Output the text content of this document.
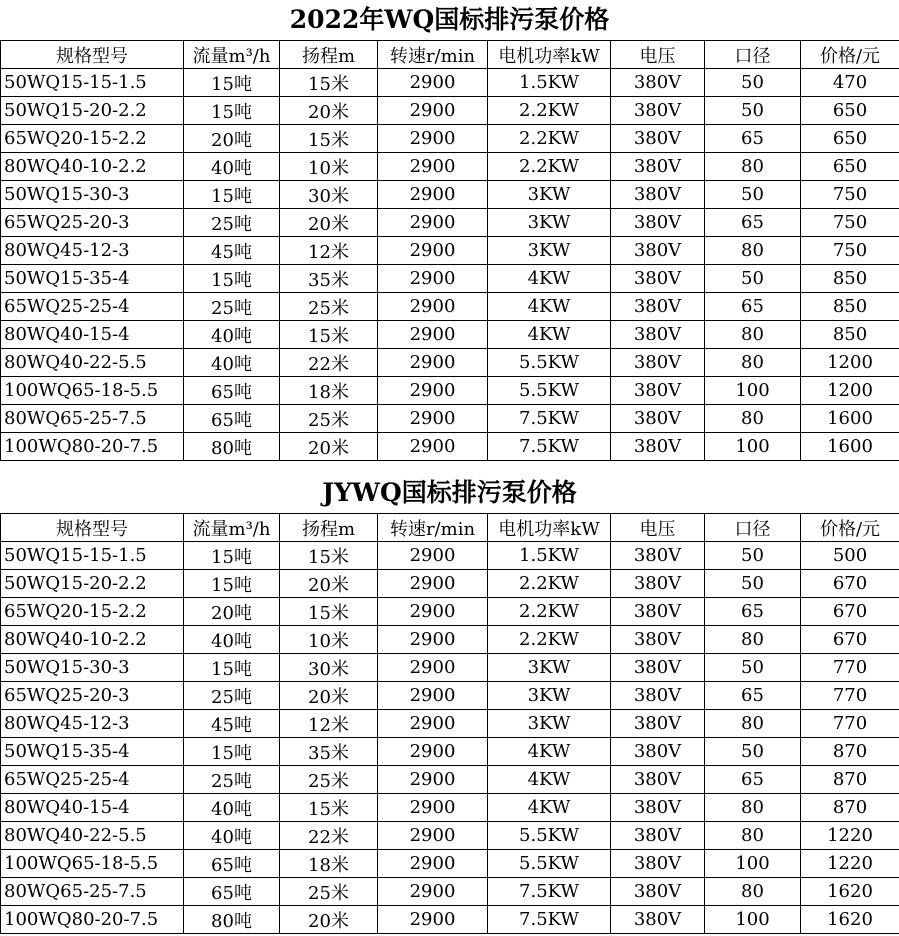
2022年WQ国标排污泵价格
规格型号	流量m³/h	扬程m	转速r/min	电机功率kW	电压	口径	价格/元
50WQ15-15-1.5	15吨	15米	2900	1.5KW	380V	50	470
50WQ15-20-2.2	15吨	20米	2900	2.2KW	380V	50	650
65WQ20-15-2.2	20吨	15米	2900	2.2KW	380V	65	650
80WQ40-10-2.2	40吨	10米	2900	2.2KW	380V	80	650
50WQ15-30-3	15吨	30米	2900	3KW	380V	50	750
65WQ25-20-3	25吨	20米	2900	3KW	380V	65	750
80WQ45-12-3	45吨	12米	2900	3KW	380V	80	750
50WQ15-35-4	15吨	35米	2900	4KW	380V	50	850
65WQ25-25-4	25吨	25米	2900	4KW	380V	65	850
80WQ40-15-4	40吨	15米	2900	4KW	380V	80	850
80WQ40-22-5.5	40吨	22米	2900	5.5KW	380V	80	1200
100WQ65-18-5.5	65吨	18米	2900	5.5KW	380V	100	1200
80WQ65-25-7.5	65吨	25米	2900	7.5KW	380V	80	1600
100WQ80-20-7.5	80吨	20米	2900	7.5KW	380V	100	1600
JYWQ国标排污泵价格
规格型号	流量m³/h	扬程m	转速r/min	电机功率kW	电压	口径	价格/元
50WQ15-15-1.5	15吨	15米	2900	1.5KW	380V	50	500
50WQ15-20-2.2	15吨	20米	2900	2.2KW	380V	50	670
65WQ20-15-2.2	20吨	15米	2900	2.2KW	380V	65	670
80WQ40-10-2.2	40吨	10米	2900	2.2KW	380V	80	670
50WQ15-30-3	15吨	30米	2900	3KW	380V	50	770
65WQ25-20-3	25吨	20米	2900	3KW	380V	65	770
80WQ45-12-3	45吨	12米	2900	3KW	380V	80	770
50WQ15-35-4	15吨	35米	2900	4KW	380V	50	870
65WQ25-25-4	25吨	25米	2900	4KW	380V	65	870
80WQ40-15-4	40吨	15米	2900	4KW	380V	80	870
80WQ40-22-5.5	40吨	22米	2900	5.5KW	380V	80	1220
100WQ65-18-5.5	65吨	18米	2900	5.5KW	380V	100	1220
80WQ65-25-7.5	65吨	25米	2900	7.5KW	380V	80	1620
100WQ80-20-7.5	80吨	20米	2900	7.5KW	380V	100	1620
